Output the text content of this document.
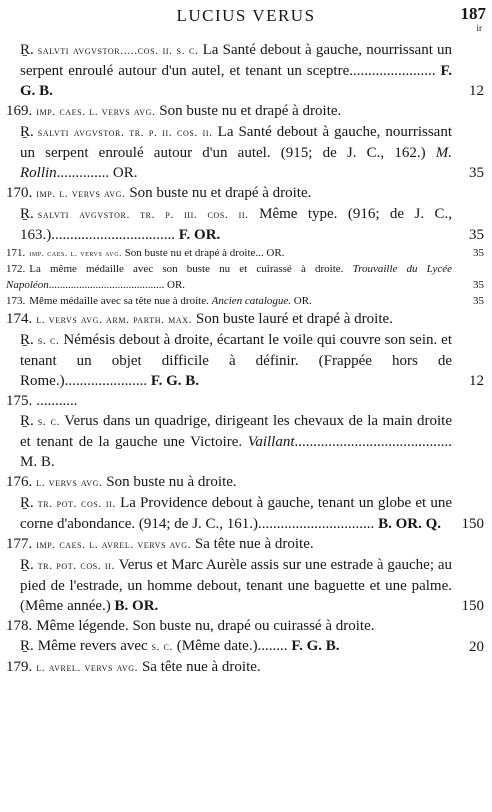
LUCIUS VERUS	187
ir
Ṟ. salvti avgvstor.....cos. ii. s. c. La Santé debout à gauche, nourrissant un serpent enroulé autour d'un autel, et tenant un sceptre....................... F. G. B.	12
169. imp. caes. l. vervs avg. Son buste nu et drapé à droite.
Ṟ. salvti avgvstor. tr. p. ii. cos. ii. La Santé debout à gauche, nourrissant un serpent enroulé autour d'un autel. (915; de J. C., 162.) M. Rollin.............. OR.	35
170. imp. l. vervs avg. Son buste nu et drapé à droite.
Ṟ. salvti avgvstor. tr. p. iii. cos. ii. Même type. (916; de J. C., 163.)................................. F. OR.	35
171. imp. caes. l. vervs avg. Son buste nu et drapé à droite... OR.	35
172. La même médaille avec son buste nu et cuirassé à droite. Trouvaille du Lycée Napoléon.......................................... OR.	35
173. Même médaille avec sa tête nue à droite. Ancien catalogue. OR.	35
174. l. vervs avg. arm. parth. max. Son buste lauré et drapé à droite.
Ṟ. s. c. Némésis debout à droite, écartant le voile qui couvre son sein. et tenant un objet difficile à définir. (Frappée hors de Rome.)...................... F. G. B.	12
175. ...........
Ṟ. s. c. Verus dans un quadrige, dirigeant les chevaux de la main droite et tenant de la gauche une Victoire. Vaillant.......................................... M. B.
176. l. vervs avg. Son buste nu à droite.
Ṟ. tr. pot. cos. ii. La Providence debout à gauche, tenant un globe et une corne d'abondance. (914; de J. C., 161.)............................... B. OR. Q.	150
177. imp. caes. l. avrel. vervs avg. Sa tête nue à droite.
Ṟ. tr. pot. cos. ii. Verus et Marc Aurèle assis sur une estrade à gauche; au pied de l'estrade, un homme debout, tenant une baguette et une palme. (Même année.) B. OR.	150
178. Même légende. Son buste nu, drapé ou cuirassé à droite.
Ṟ. Même revers avec s. c. (Même date.)........ F. G. B.	20
179. l. avrel. vervs avg. Sa tête nue à droite.
